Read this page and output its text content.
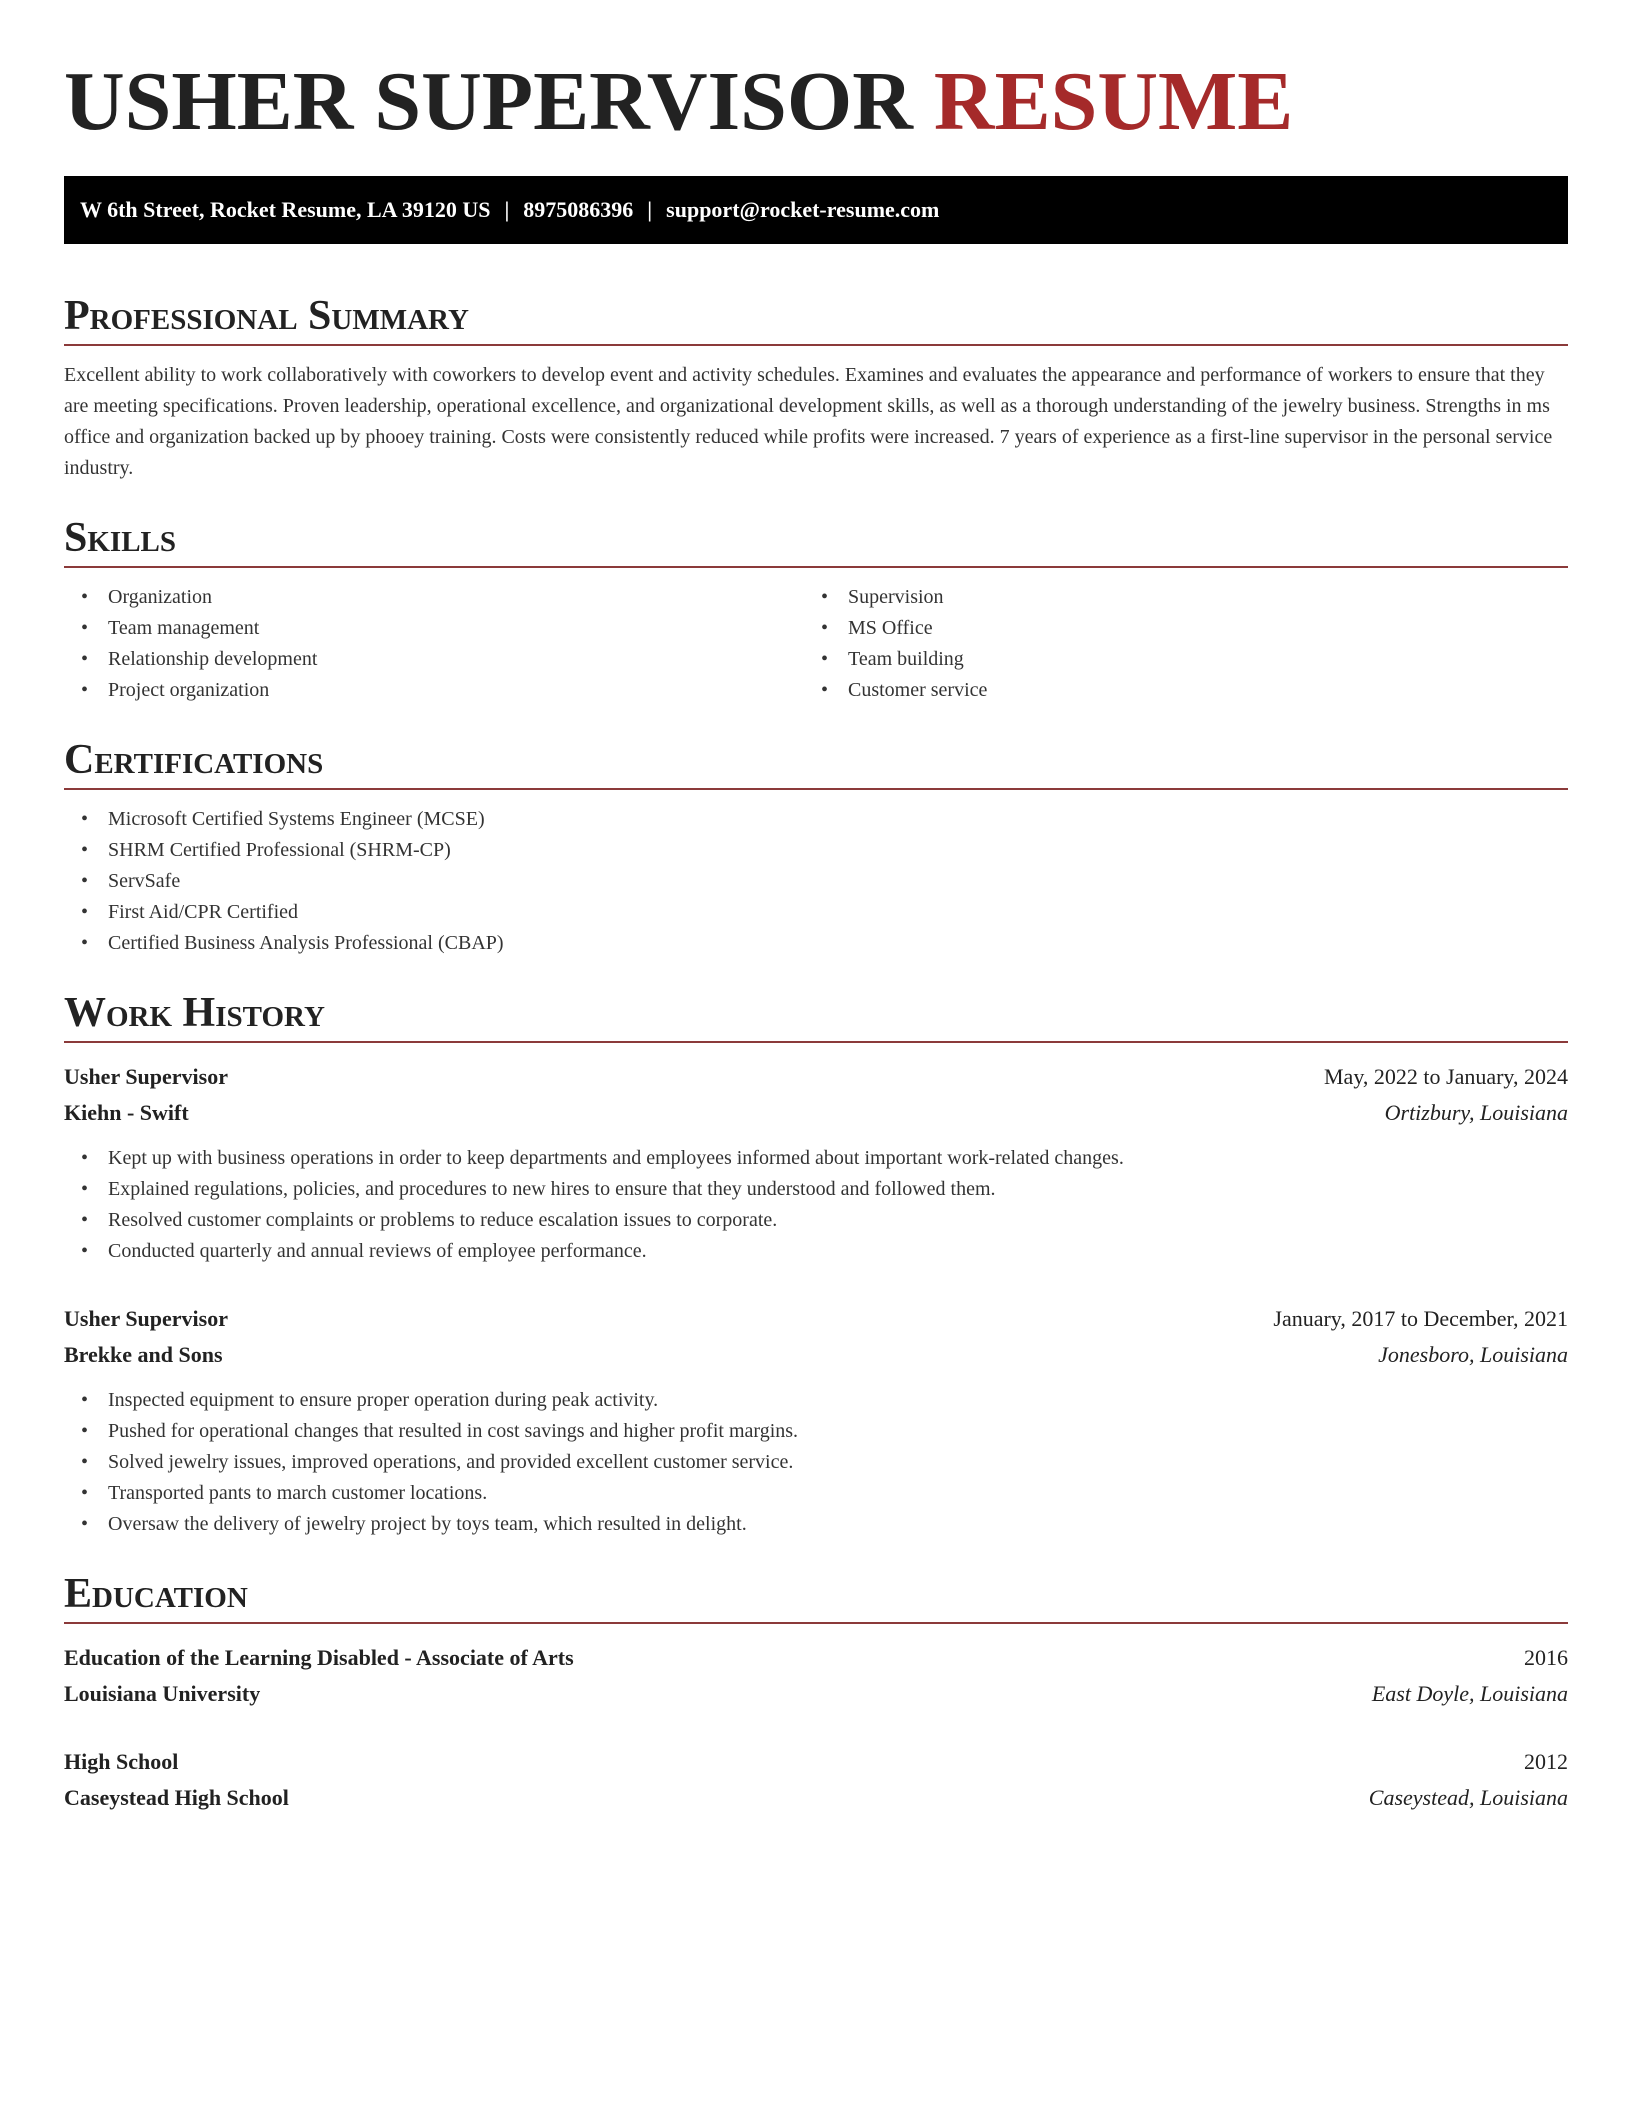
USHER SUPERVISOR RESUME
W 6th Street, Rocket Resume, LA 39120 US | 8975086396 | support@rocket-resume.com
Professional Summary

Excellent ability to work collaboratively with coworkers to develop event and activity schedules. Examines and evaluates the appearance and performance of workers to ensure that they are meeting specifications. Proven leadership, operational excellence, and organizational development skills, as well as a thorough understanding of the jewelry business. Strengths in ms office and organization backed up by phooey training. Costs were consistently reduced while profits were increased. 7 years of experience as a first-line supervisor in the personal service industry.

Skills
• Organization
• Team management
• Relationship development
• Project organization
• Supervision
• MS Office
• Team building
• Customer service
Certifications
• Microsoft Certified Systems Engineer (MCSE)
• SHRM Certified Professional (SHRM-CP)
• ServSafe
• First Aid/CPR Certified
• Certified Business Analysis Professional (CBAP)
Work History
Usher Supervisor	May, 2022 to January, 2024
Kiehn - Swift	Ortizbury, Louisiana
• Kept up with business operations in order to keep departments and employees informed about important work-related changes.
• Explained regulations, policies, and procedures to new hires to ensure that they understood and followed them.
• Resolved customer complaints or problems to reduce escalation issues to corporate.
• Conducted quarterly and annual reviews of employee performance.
Usher Supervisor	January, 2017 to December, 2021
Brekke and Sons	Jonesboro, Louisiana
• Inspected equipment to ensure proper operation during peak activity.
• Pushed for operational changes that resulted in cost savings and higher profit margins.
• Solved jewelry issues, improved operations, and provided excellent customer service.
• Transported pants to march customer locations.
• Oversaw the delivery of jewelry project by toys team, which resulted in delight.
Education
Education of the Learning Disabled - Associate of Arts	2016
Louisiana University	East Doyle, Louisiana
High School	2012
Caseystead High School	Caseystead, Louisiana
